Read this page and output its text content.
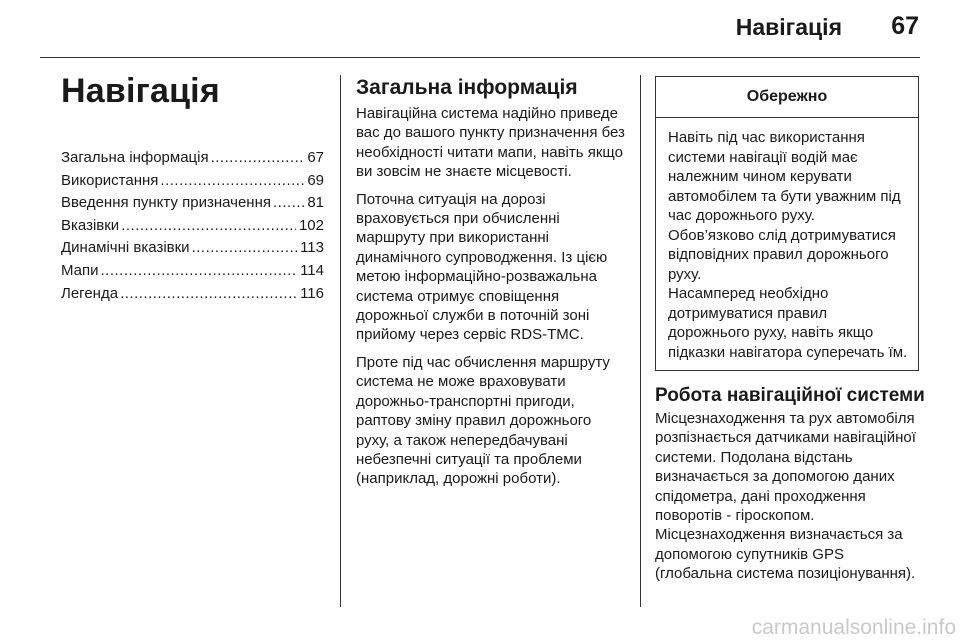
Навігація 67
Навігація
Загальна інформація .....	67
Використання .....	69
Введення пункту призначення ..... 81
Вказівки .....	102
Динамічні вказівки .....	113
Мапи .....	114
Легенда .....	116
Загальна інформація

Навігаційна система надійно приведе вас до вашого пункту призначення без необхідності читати мапи, навіть якщо ви зовсім не знаєте місцевості.

Поточна ситуація на дорозі враховується при обчисленні маршруту при використанні динамічного супроводження. Із цією метою інформаційно-розважальна система отримує сповіщення дорожньої служби в поточній зоні прийому через сервіс RDS-TMC.

Проте під час обчислення маршруту система не може враховувати дорожньо-транспортні пригоди, раптову зміну правил дорожнього руху, а також непередбачувані небезпечні ситуації та проблеми (наприклад, дорожні роботи).

Обережно

Навіть під час використання системи навігації водій має належним чином керувати автомобілем та бути уважним під час дорожнього руху.

Обов’язково слід дотримуватися відповідних правил дорожнього руху.

Насамперед необхідно дотримуватися правил дорожнього руху, навіть якщо підказки навігатора суперечать їм.

Робота навігаційної системи

Місцезнаходження та рух автомобіля розпізнається датчиками навігаційної системи. Подолана відстань визначається за допомогою даних спідометра, дані проходження поворотів - гіроскопом. Місцезнаходження визначається за допомогою супутників GPS (глобальна система позиціонування).

carmanualsonline.info
